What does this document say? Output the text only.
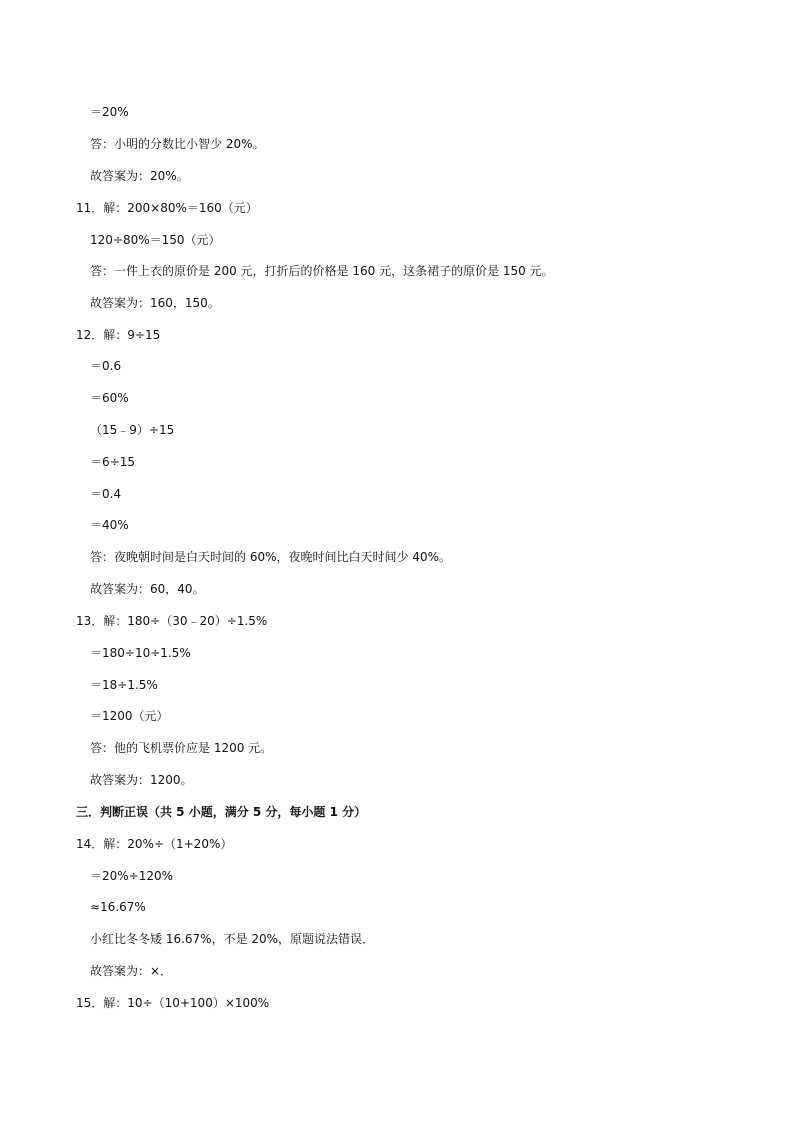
＝20%
答：小明的分数比小智少 20%。
故答案为：20%。
11．解：200×80%＝160（元）
120÷80%＝150（元）
答：一件上衣的原价是 200 元，打折后的价格是 160 元，这条裙子的原价是 150 元。
故答案为：160，150。
12．解：9÷15
＝0.6
＝60%
（15﹣9）÷15
＝6÷15
＝0.4
＝40%
答：夜晚朝时间是白天时间的 60%，夜晚时间比白天时间少 40%。
故答案为：60，40。
13．解：180÷（30﹣20）÷1.5%
＝180÷10÷1.5%
＝18÷1.5%
＝1200（元）
答：他的飞机票价应是 1200 元。
故答案为：1200。
三．判断正误（共 5 小题，满分 5 分，每小题 1 分）
14．解：20%÷（1+20%）
＝20%÷120%
≈16.67%
小红比冬冬矮 16.67%，不是 20%，原题说法错误．
故答案为：×．
15．解：10÷（10+100）×100%
